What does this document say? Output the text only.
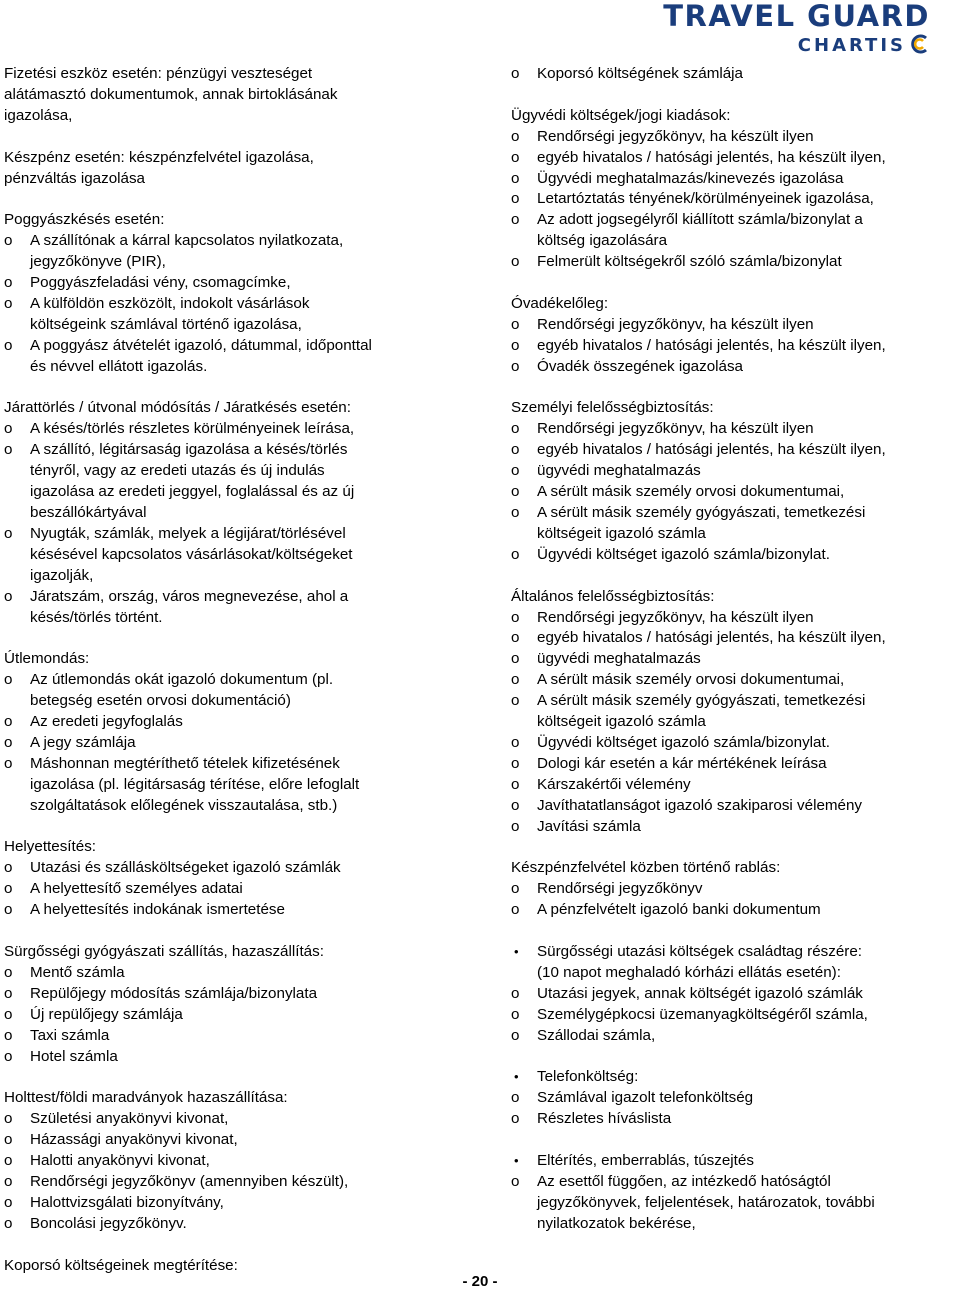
TRAVEL GUARD
CHARTIS
Fizetési eszköz esetén: pénzügyi veszteséget
alátámasztó dokumentumok, annak birtoklásának
igazolása,
Készpénz esetén: készpénzfelvétel igazolása,
pénzváltás igazolása
Poggyászkésés esetén:
o A szállítónak a kárral kapcsolatos nyilatkozata,
jegyzőkönyve (PIR),
o Poggyászfeladási vény, csomagcímke,
o A külföldön eszközölt, indokolt vásárlások
költségeink számlával történő igazolása,
o A poggyász átvételét igazoló, dátummal, időponttal
és névvel ellátott igazolás.
Járattörlés / útvonal módósítás / Járatkésés esetén:
o A késés/törlés részletes körülményeinek leírása,
o A szállító, légitársaság igazolása a késés/törlés
tényről, vagy az eredeti utazás és új indulás
igazolása az eredeti jeggyel, foglalással és az új
beszállókártyával
o Nyugták, számlák, melyek a légijárat/törlésével
késésével kapcsolatos vásárlásokat/költségeket
igazolják,
o Járatszám, ország, város megnevezése, ahol a
késés/törlés történt.
Útlemondás:
o Az útlemondás okát igazoló dokumentum (pl.
betegség esetén orvosi dokumentáció)
o Az eredeti jegyfoglalás
o A jegy számlája
o Máshonnan megtéríthető tételek kifizetésének
igazolása (pl. légitársaság térítése, előre lefoglalt
szolgáltatások előlegének visszautalása, stb.)
Helyettesítés:
o Utazási és szállásköltségeket igazoló számlák
o A helyettesítő személyes adatai
o A helyettesítés indokának ismertetése
Sürgősségi gyógyászati szállítás, hazaszállítás:
o Mentő számla
o Repülőjegy módosítás számlája/bizonylata
o Új repülőjegy számlája
o Taxi számla
o Hotel számla
Holttest/földi maradványok hazaszállítása:
o Születési anyakönyvi kivonat,
o Házassági anyakönyvi kivonat,
o Halotti anyakönyvi kivonat,
o Rendőrségi jegyzőkönyv (amennyiben készült),
o Halottvizsgálati bizonyítvány,
o Boncolási jegyzőkönyv.
Koporsó költségeinek megtérítése:
o Koporsó költségének számlája
Ügyvédi költségek/jogi kiadások:
o Rendőrségi jegyzőkönyv, ha készült ilyen
o egyéb hivatalos / hatósági jelentés, ha készült ilyen,
o Ügyvédi meghatalmazás/kinevezés igazolása
o Letartóztatás tényének/körülményeinek igazolása,
o Az adott jogsegélyről kiállított számla/bizonylat a
költség igazolására
o Felmerült költségekről szóló számla/bizonylat
Óvadékelőleg:
o Rendőrségi jegyzőkönyv, ha készült ilyen
o egyéb hivatalos / hatósági jelentés, ha készült ilyen,
o Óvadék összegének igazolása
Személyi felelősségbiztosítás:
o Rendőrségi jegyzőkönyv, ha készült ilyen
o egyéb hivatalos / hatósági jelentés, ha készült ilyen,
o ügyvédi meghatalmazás
o A sérült másik személy orvosi dokumentumai,
o A sérült másik személy gyógyászati, temetkezési
költségeit igazoló számla
o Ügyvédi költséget igazoló számla/bizonylat.
Általános felelősségbiztosítás:
o Rendőrségi jegyzőkönyv, ha készült ilyen
o egyéb hivatalos / hatósági jelentés, ha készült ilyen,
o ügyvédi meghatalmazás
o A sérült másik személy orvosi dokumentumai,
o A sérült másik személy gyógyászati, temetkezési
költségeit igazoló számla
o Ügyvédi költséget igazoló számla/bizonylat.
o Dologi kár esetén a kár mértékének leírása
o Kárszakértői vélemény
o Javíthatatlanságot igazoló szakiparosi vélemény
o Javítási számla
Készpénzfelvétel közben történő rablás:
o Rendőrségi jegyzőkönyv
o A pénzfelvételt igazoló banki dokumentum
• Sürgősségi utazási költségek családtag részére:
(10 napot meghaladó kórházi ellátás esetén):
o Utazási jegyek, annak költségét igazoló számlák
o Személygépkocsi üzemanyagköltségéről számla,
o Szállodai számla,
• Telefonköltség:
o Számlával igazolt telefonköltség
o Részletes híváslista
• Eltérítés, emberrablás, túszejtés
o Az esettől függően, az intézkedő hatóságtól
jegyzőkönyvek, feljelentések, határozatok, további
nyilatkozatok bekérése,
- 20 -
